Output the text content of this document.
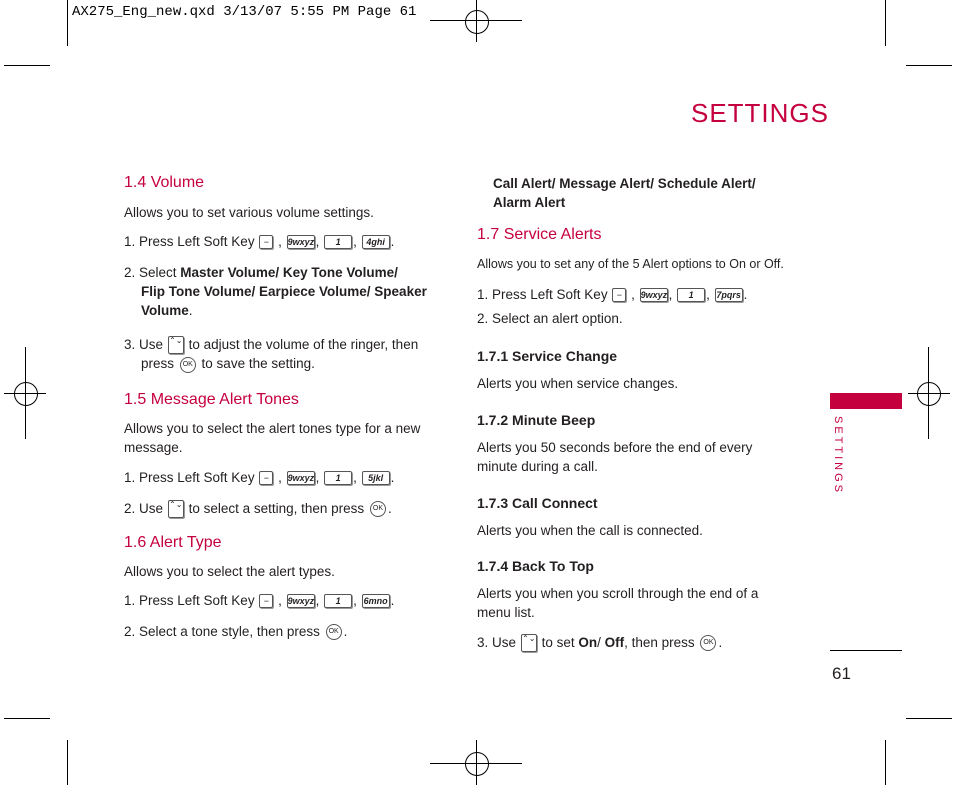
AX275_Eng_new.qxd 3/13/07 5:55 PM Page 61
SETTINGS
1.4 Volume
Allows you to set various volume settings.
1. Press Left Soft Key − , 9wxyz, 1 , 4ghi .
2. Select Master Volume/ Key Tone Volume/
Flip Tone Volume/ Earpiece Volume/ Speaker
Volume.
3. Use ⌃⌄ to adjust the volume of the ringer, then
press OK to save the setting.
1.5 Message Alert Tones
Allows you to select the alert tones type for a new
message.
1. Press Left Soft Key − , 9wxyz, 1 , 5jkl .
2. Use ⌃⌄ to select a setting, then press OK .
1.6 Alert Type
Allows you to select the alert types.
1. Press Left Soft Key − , 9wxyz, 1 , 6mno .
2. Select a tone style, then press OK .
Call Alert/ Message Alert/ Schedule Alert/
Alarm Alert
1.7 Service Alerts
Allows you to set any of the 5 Alert options to On or Off.
1. Press Left Soft Key − , 9wxyz, 1 , 7pqrs .
2. Select an alert option.
1.7.1 Service Change
Alerts you when service changes.
1.7.2 Minute Beep
Alerts you 50 seconds before the end of every
minute during a call.
1.7.3 Call Connect
Alerts you when the call is connected.
1.7.4 Back To Top
Alerts you when you scroll through the end of a
menu list.
3. Use ⌃⌄ to set On/ Off, then press OK .
SETTINGS
61
